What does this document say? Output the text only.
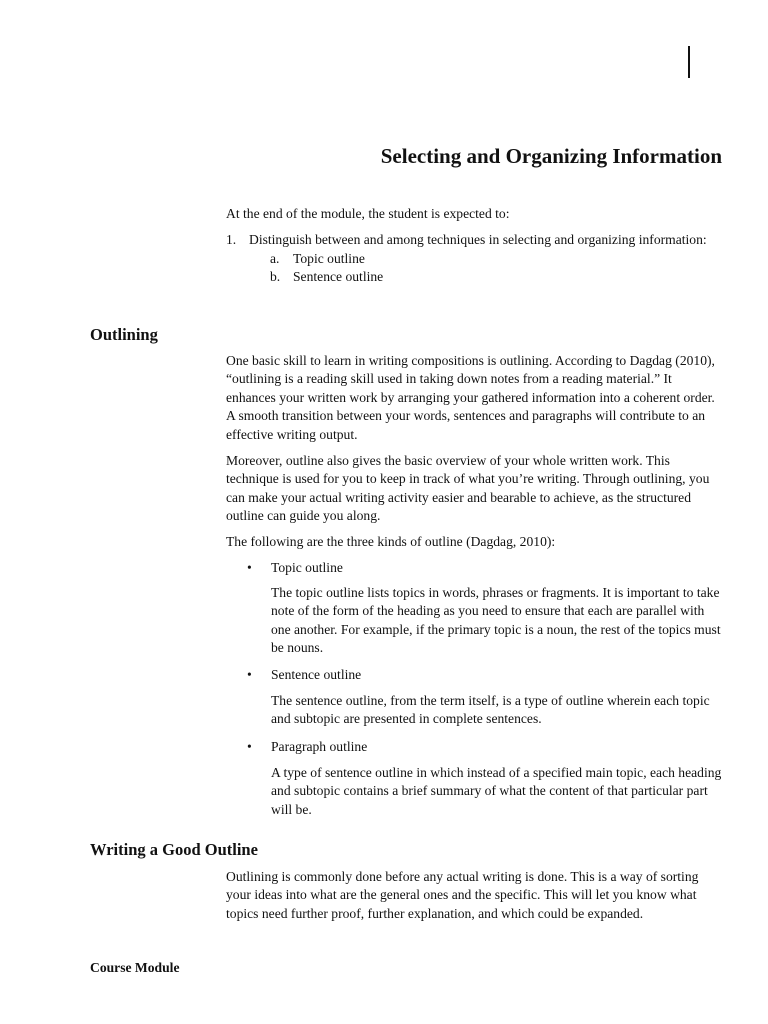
Selecting and Organizing Information

At the end of the module, the student is expected to:

1. Distinguish between and among techniques in selecting and organizing information:
a. Topic outline
b. Sentence outline
Outlining

One basic skill to learn in writing compositions is outlining. According to Dagdag (2010), “outlining is a reading skill used in taking down notes from a reading material.” It enhances your written work by arranging your gathered information into a coherent order. A smooth transition between your words, sentences and paragraphs will contribute to an effective writing output.

Moreover, outline also gives the basic overview of your whole written work. This technique is used for you to keep in track of what you’re writing. Through outlining, you can make your actual writing activity easier and bearable to achieve, as the structured outline can guide you along.

The following are the three kinds of outline (Dagdag, 2010):

• Topic outline

The topic outline lists topics in words, phrases or fragments. It is important to take note of the form of the heading as you need to ensure that each are parallel with one another. For example, if the primary topic is a noun, the rest of the topics must be nouns.

• Sentence outline

The sentence outline, from the term itself, is a type of outline wherein each topic and subtopic are presented in complete sentences.

• Paragraph outline

A type of sentence outline in which instead of a specified main topic, each heading and subtopic contains a brief summary of what the content of that particular part will be.

Writing a Good Outline

Outlining is commonly done before any actual writing is done. This is a way of sorting your ideas into what are the general ones and the specific. This will let you know what topics need further proof, further explanation, and which could be expanded.

Course Module
